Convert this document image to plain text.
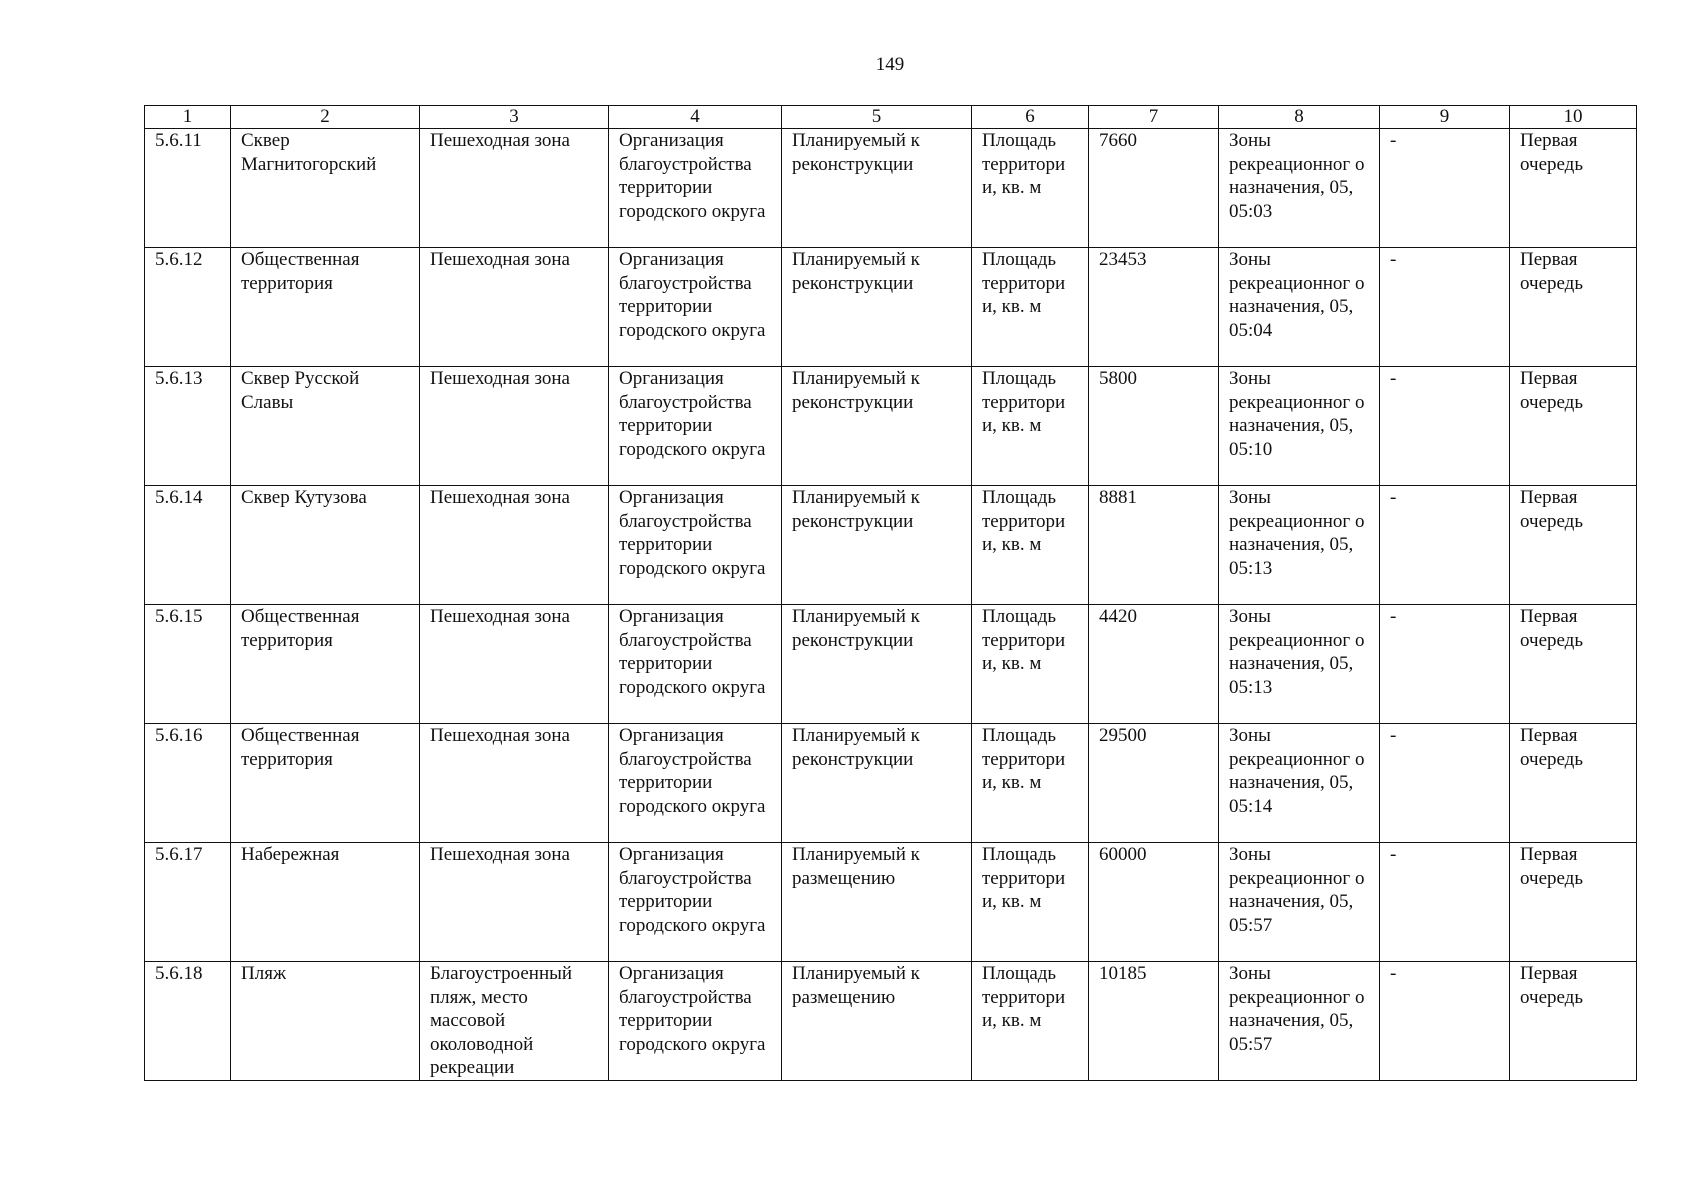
149
1	2	3	4	5	6	7	8	9	10
5.6.11	Сквер Магнитогорский	Пешеходная зона	Организация благоустройства территории городского округа	Планируемый к реконструкции	Площадь территори и, кв. м	7660	Зоны рекреационног о назначения, 05, 05:03	-	Первая очередь
5.6.12	Общественная территория	Пешеходная зона	Организация благоустройства территории городского округа	Планируемый к реконструкции	Площадь территори и, кв. м	23453	Зоны рекреационног о назначения, 05, 05:04	-	Первая очередь
5.6.13	Сквер Русской Славы	Пешеходная зона	Организация благоустройства территории городского округа	Планируемый к реконструкции	Площадь территори и, кв. м	5800	Зоны рекреационног о назначения, 05, 05:10	-	Первая очередь
5.6.14	Сквер Кутузова	Пешеходная зона	Организация благоустройства территории городского округа	Планируемый к реконструкции	Площадь территори и, кв. м	8881	Зоны рекреационног о назначения, 05, 05:13	-	Первая очередь
5.6.15	Общественная территория	Пешеходная зона	Организация благоустройства территории городского округа	Планируемый к реконструкции	Площадь территори и, кв. м	4420	Зоны рекреационног о назначения, 05, 05:13	-	Первая очередь
5.6.16	Общественная территория	Пешеходная зона	Организация благоустройства территории городского округа	Планируемый к реконструкции	Площадь территори и, кв. м	29500	Зоны рекреационног о назначения, 05, 05:14	-	Первая очередь
5.6.17	Набережная	Пешеходная зона	Организация благоустройства территории городского округа	Планируемый к размещению	Площадь территори и, кв. м	60000	Зоны рекреационног о назначения, 05, 05:57	-	Первая очередь
5.6.18	Пляж	Благоустроенный пляж, место массовой околоводной рекреации	Организация благоустройства территории городского округа	Планируемый к размещению	Площадь территори и, кв. м	10185	Зоны рекреационног о назначения, 05, 05:57	-	Первая очередь
